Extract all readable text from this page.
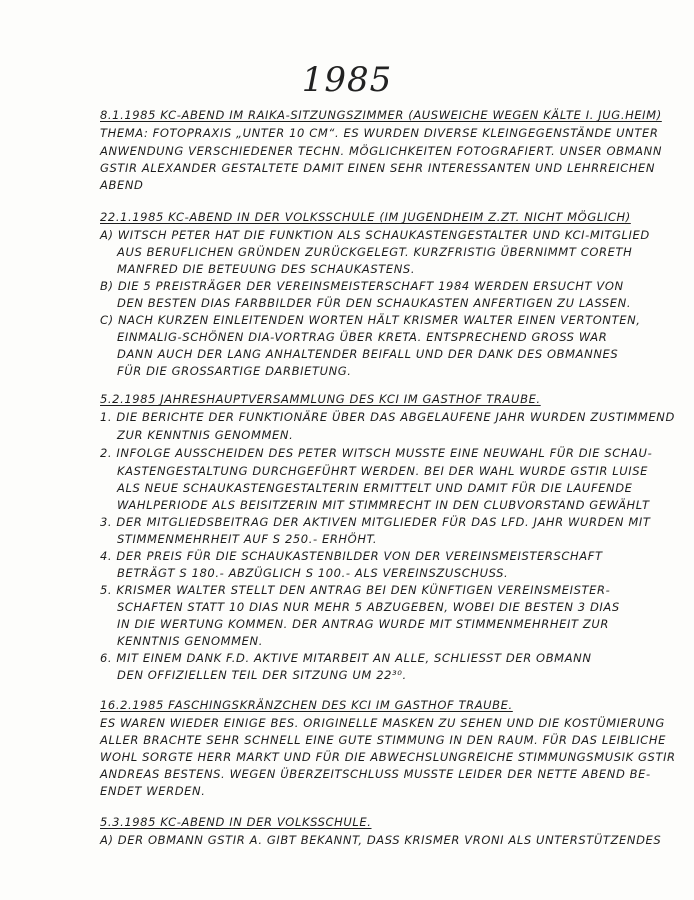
1985
8.1.1985 KC-ABEND IM RAIKA-SITZUNGSZIMMER (AUSWEICHE WEGEN KÄLTE I. JUG.HEIM)
THEMA: FOTOPRAXIS „UNTER 10 CM“. ES WURDEN DIVERSE KLEINGEGENSTÄNDE UNTER
ANWENDUNG VERSCHIEDENER TECHN. MÖGLICHKEITEN FOTOGRAFIERT. UNSER OBMANN
GSTIR ALEXANDER GESTALTETE DAMIT EINEN SEHR INTERESSANTEN UND LEHRREICHEN
ABEND
22.1.1985 KC-ABEND IN DER VOLKSSCHULE (IM JUGENDHEIM Z.ZT. NICHT MÖGLICH)
A) WITSCH PETER HAT DIE FUNKTION ALS SCHAUKASTENGESTALTER UND KCI-MITGLIED
AUS BERUFLICHEN GRÜNDEN ZURÜCKGELEGT. KURZFRISTIG ÜBERNIMMT CORETH
MANFRED DIE BETEUUNG DES SCHAUKASTENS.
B) DIE 5 PREISTRÄGER DER VEREINSMEISTERSCHAFT 1984 WERDEN ERSUCHT VON
DEN BESTEN DIAS FARBBILDER FÜR DEN SCHAUKASTEN ANFERTIGEN ZU LASSEN.
C) NACH KURZEN EINLEITENDEN WORTEN HÄLT KRISMER WALTER EINEN VERTONTEN,
EINMALIG-SCHÖNEN DIA-VORTRAG ÜBER KRETA. ENTSPRECHEND GROSS WAR
DANN AUCH DER LANG ANHALTENDER BEIFALL UND DER DANK DES OBMANNES
FÜR DIE GROSSARTIGE DARBIETUNG.
5.2.1985 JAHRESHAUPTVERSAMMLUNG DES KCI IM GASTHOF TRAUBE.
1. DIE BERICHTE DER FUNKTIONÄRE ÜBER DAS ABGELAUFENE JAHR WURDEN ZUSTIMMEND
ZUR KENNTNIS GENOMMEN.
2. INFOLGE AUSSCHEIDEN DES PETER WITSCH MUSSTE EINE NEUWAHL FÜR DIE SCHAU-
KASTENGESTALTUNG DURCHGEFÜHRT WERDEN. BEI DER WAHL WURDE GSTIR LUISE
ALS NEUE SCHAUKASTENGESTALTERIN ERMITTELT UND DAMIT FÜR DIE LAUFENDE
WAHLPERIODE ALS BEISITZERIN MIT STIMMRECHT IN DEN CLUBVORSTAND GEWÄHLT
3. DER MITGLIEDSBEITRAG DER AKTIVEN MITGLIEDER FÜR DAS LFD. JAHR WURDEN MIT
STIMMENMEHRHEIT AUF S 250.- ERHÖHT.
4. DER PREIS FÜR DIE SCHAUKASTENBILDER VON DER VEREINSMEISTERSCHAFT
BETRÄGT S 180.- ABZÜGLICH S 100.- ALS VEREINSZUSCHUSS.
5. KRISMER WALTER STELLT DEN ANTRAG BEI DEN KÜNFTIGEN VEREINSMEISTER-
SCHAFTEN STATT 10 DIAS NUR MEHR 5 ABZUGEBEN, WOBEI DIE BESTEN 3 DIAS
IN DIE WERTUNG KOMMEN. DER ANTRAG WURDE MIT STIMMENMEHRHEIT ZUR
KENNTNIS GENOMMEN.
6. MIT EINEM DANK F.D. AKTIVE MITARBEIT AN ALLE, SCHLIESST DER OBMANN
DEN OFFIZIELLEN TEIL DER SITZUNG UM 22³⁰.
16.2.1985 FASCHINGSKRÄNZCHEN DES KCI IM GASTHOF TRAUBE.
ES WAREN WIEDER EINIGE BES. ORIGINELLE MASKEN ZU SEHEN UND DIE KOSTÜMIERUNG
ALLER BRACHTE SEHR SCHNELL EINE GUTE STIMMUNG IN DEN RAUM. FÜR DAS LEIBLICHE
WOHL SORGTE HERR MARKT UND FÜR DIE ABWECHSLUNGREICHE STIMMUNGSMUSIK GSTIR
ANDREAS BESTENS. WEGEN ÜBERZEITSCHLUSS MUSSTE LEIDER DER NETTE ABEND BE-
ENDET WERDEN.
5.3.1985 KC-ABEND IN DER VOLKSSCHULE.
A) DER OBMANN GSTIR A. GIBT BEKANNT, DASS KRISMER VRONI ALS UNTERSTÜTZENDES
